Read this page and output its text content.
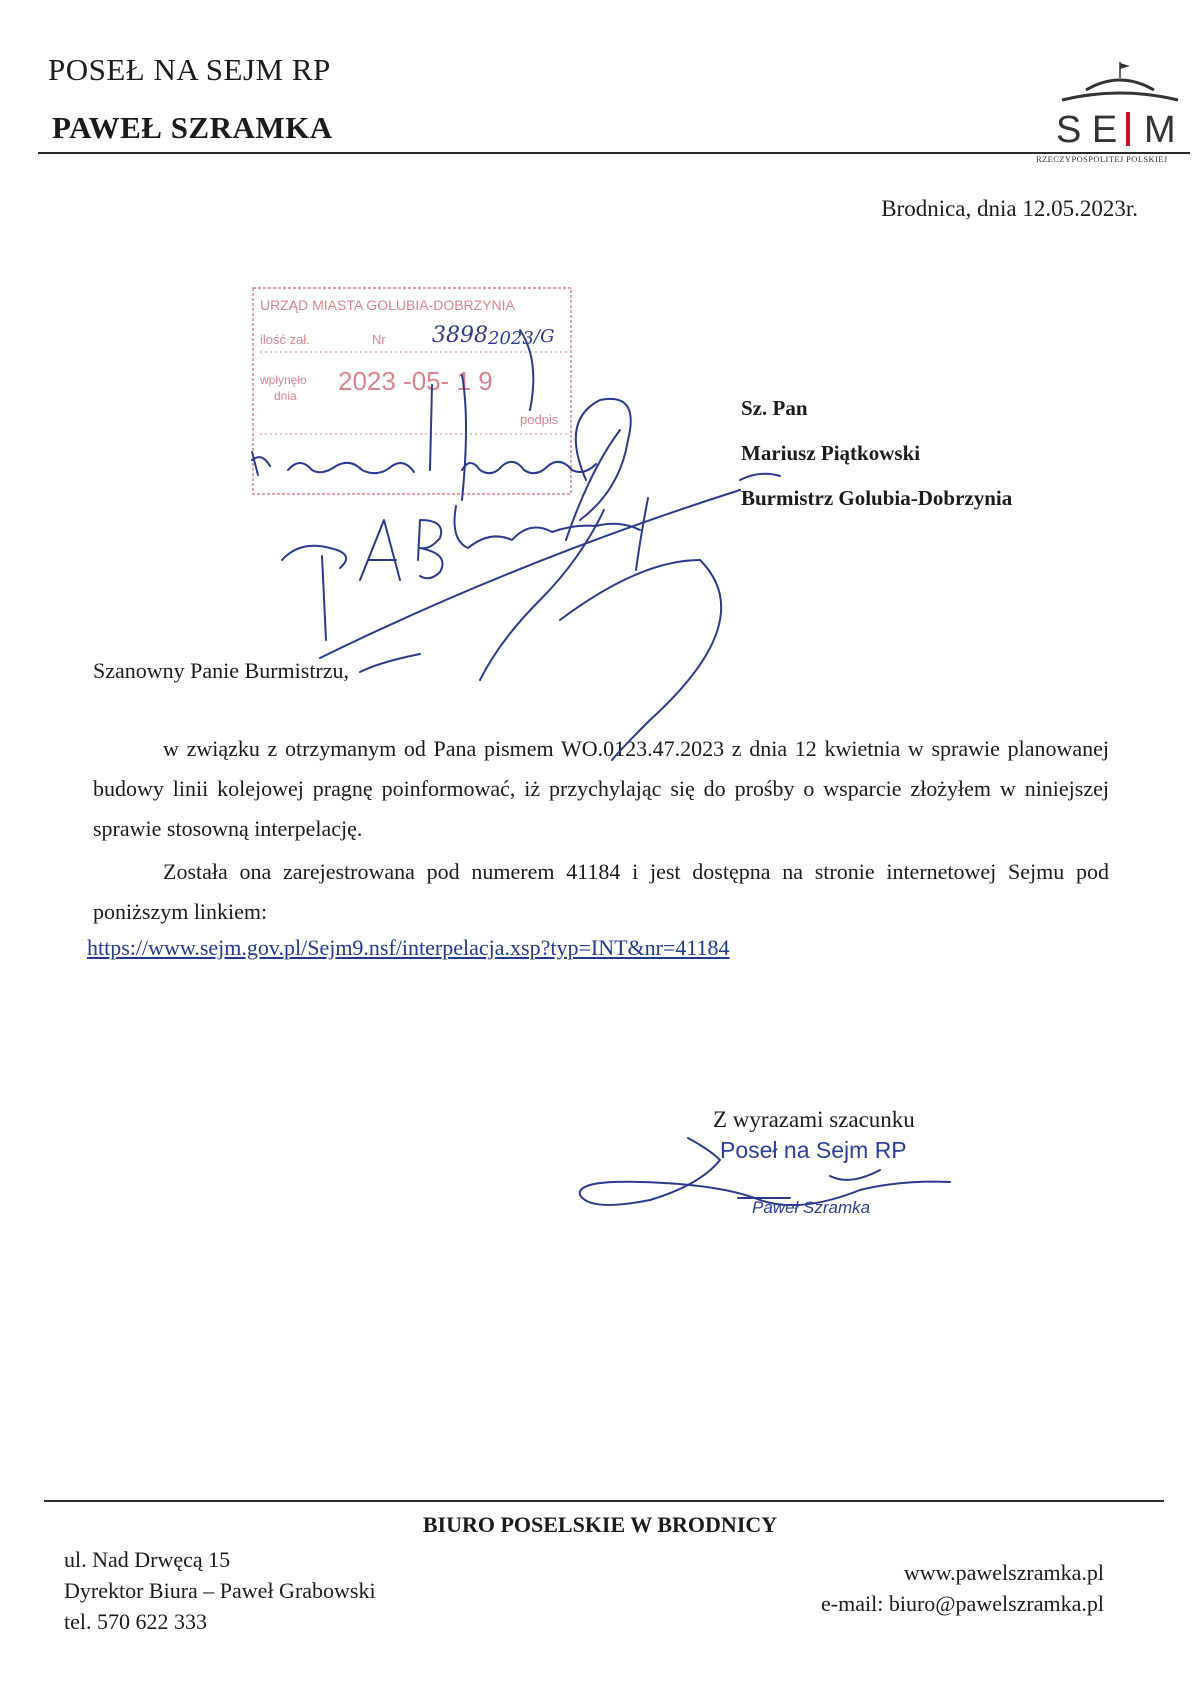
POSEŁ NA SEJM RP
PAWEŁ SZRAMKA	S E M
RZECZYPOSPOLITEJ POLSKIEJ
Brodnica, dnia 12.05.2023r.
URZĄD MIASTA GOLUBIA-DOBRZYNIA
ilość zał.	Nr 3898 2023 /G
wpłynęło
dnia 2023 -05- 1 9
podpis	Sz. Pan
Mariusz Piątkowski
Burmistrz Golubia-Dobrzynia
Szanowny Panie Burmistrzu,
w związku z otrzymanym od Pana pismem WO.0123.47.2023 z dnia 12 kwietnia w sprawie planowanej budowy linii kolejowej pragnę poinformować, iż przychylając się do prośby o wsparcie złożyłem w niniejszej sprawie stosowną interpelację.
Została ona zarejestrowana pod numerem 41184 i jest dostępna na stronie internetowej Sejmu pod poniższym linkiem:
https://www.sejm.gov.pl/Sejm9.nsf/interpelacja.xsp?typ=INT&nr=41184
Z wyrazami szacunku
Poseł na Sejm RP
Paweł Szramka
BIURO POSELSKIE W BRODNICY
ul. Nad Drwęcą 15
Dyrektor Biura – Paweł Grabowski
tel. 570 622 333
www.pawelszramka.pl
e-mail: biuro@pawelszramka.pl
